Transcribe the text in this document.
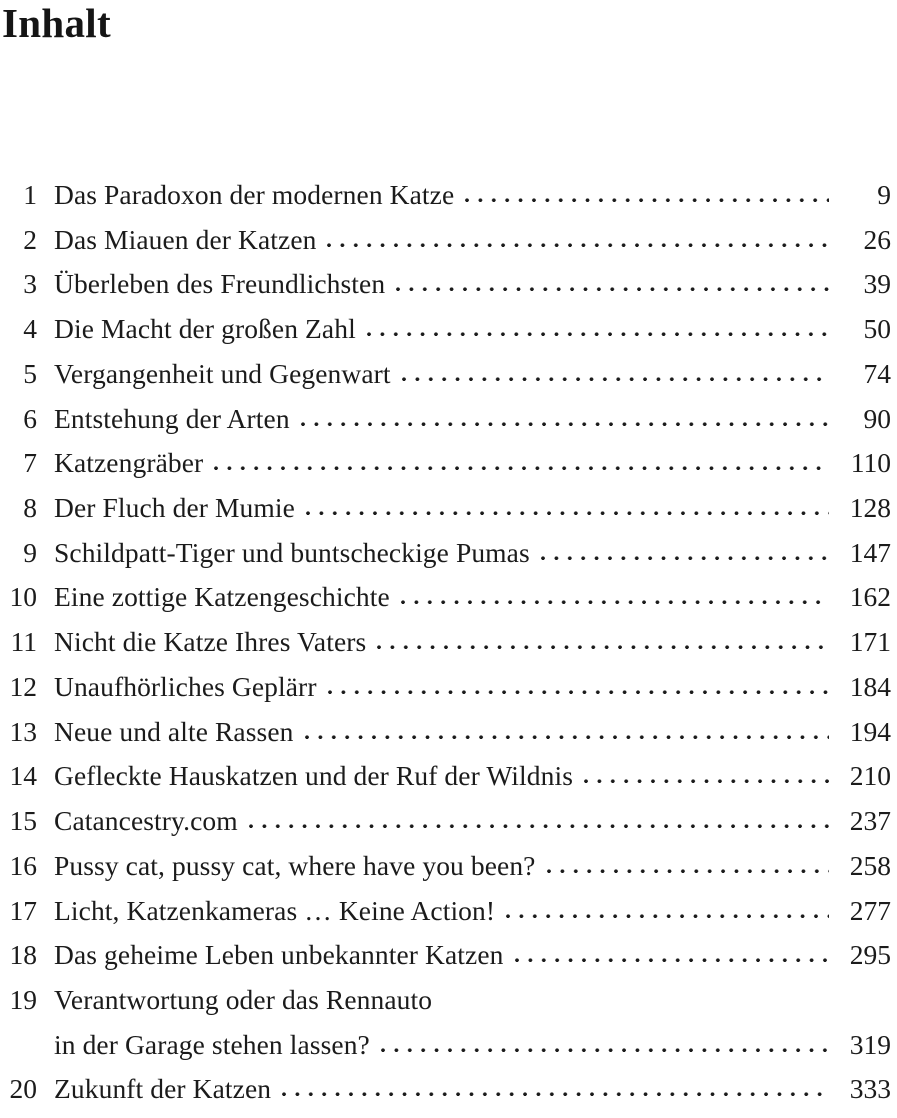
Inhalt
1 Das Paradoxon der modernen Katze	9
2 Das Miauen der Katzen	26
3 Überleben des Freundlichsten	39
4 Die Macht der großen Zahl	50
5 Vergangenheit und Gegenwart	74
6 Entstehung der Arten	90
7 Katzengräber	110
8 Der Fluch der Mumie	128
9 Schildpatt-Tiger und buntscheckige Pumas	147
10 Eine zottige Katzengeschichte	162
11 Nicht die Katze Ihres Vaters	171
12 Unaufhörliches Geplärr	184
13 Neue und alte Rassen	194
14 Gefleckte Hauskatzen und der Ruf der Wildnis	210
15 Catancestry.com	237
16 Pussy cat, pussy cat, where have you been?	258
17 Licht, Katzenkameras … Keine Action!	277
18 Das geheime Leben unbekannter Katzen	295
19 Verantwortung oder das Rennauto
in der Garage stehen lassen?	319
20 Zukunft der Katzen	333
